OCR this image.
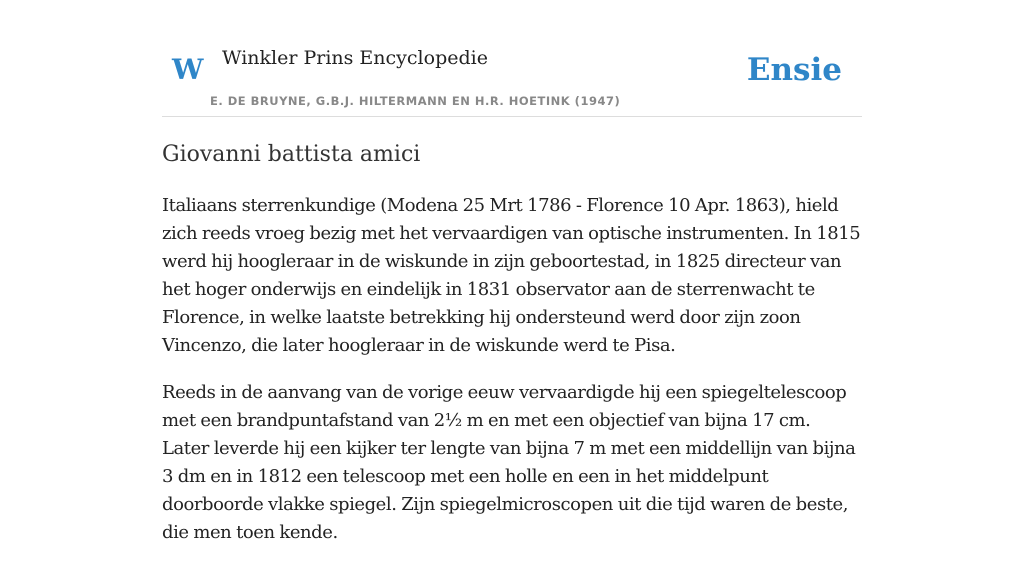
W Winkler Prins Encyclopedie
E. DE BRUYNE, G.B.J. HILTERMANN EN H.R. HOETINK (1947)
Ensie
Giovanni battista amici

Italiaans sterrenkundige (Modena 25 Mrt 1786 - Florence 10 Apr. 1863), hield zich reeds vroeg bezig met het vervaardigen van optische instrumenten. In 1815 werd hij hoogleraar in de wiskunde in zijn geboortestad, in 1825 directeur van het hoger onderwijs en eindelijk in 1831 observator aan de sterrenwacht te Florence, in welke laatste betrekking hij ondersteund werd door zijn zoon Vincenzo, die later hoogleraar in de wiskunde werd te Pisa.

Reeds in de aanvang van de vorige eeuw vervaardigde hij een spiegeltelescoop met een brandpuntafstand van 2½ m en met een objectief van bijna 17 cm. Later leverde hij een kijker ter lengte van bijna 7 m met een middellijn van bijna 3 dm en in 1812 een telescoop met een holle en een in het middelpunt doorboorde vlakke spiegel. Zijn spiegelmicroscopen uit die tijd waren de beste, die men toen kende.
